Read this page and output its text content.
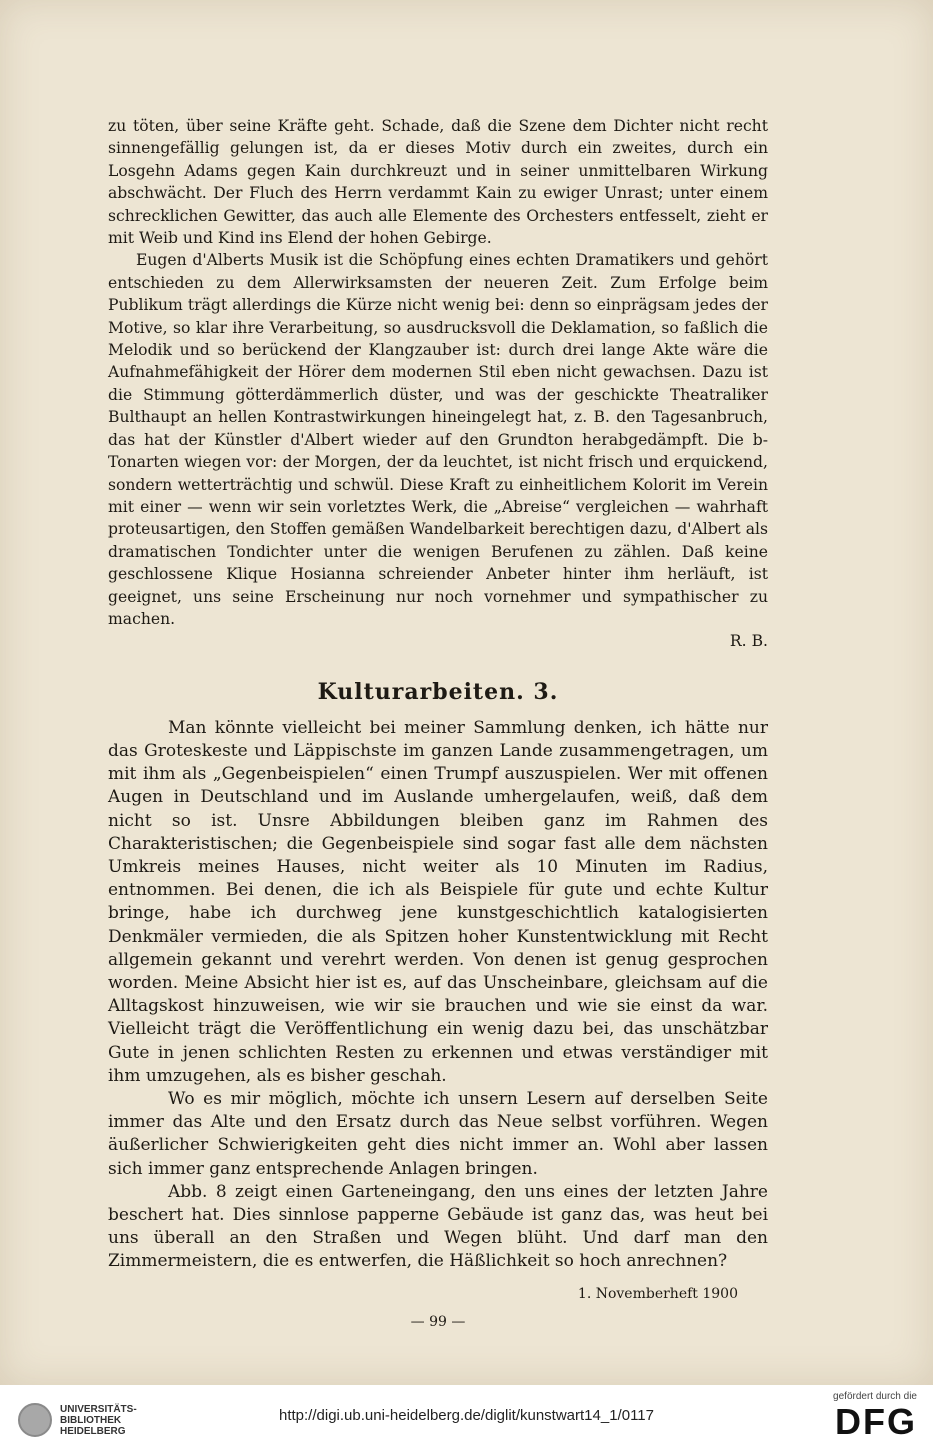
zu töten, über seine Kräfte geht. Schade, daß die Szene dem Dichter nicht recht sinnengefällig gelungen ist, da er dieses Motiv durch ein zweites, durch ein Losgehn Adams gegen Kain durchkreuzt und in seiner unmittelbaren Wirkung abschwächt. Der Fluch des Herrn verdammt Kain zu ewiger Unrast; unter einem schrecklichen Gewitter, das auch alle Elemente des Orchesters entfesselt, zieht er mit Weib und Kind ins Elend der hohen Gebirge.

Eugen d'Alberts Musik ist die Schöpfung eines echten Dramatikers und gehört entschieden zu dem Allerwirksamsten der neueren Zeit. Zum Erfolge beim Publikum trägt allerdings die Kürze nicht wenig bei: denn so einprägsam jedes der Motive, so klar ihre Verarbeitung, so ausdrucksvoll die Deklamation, so faßlich die Melodik und so berückend der Klangzauber ist: durch drei lange Akte wäre die Aufnahmefähigkeit der Hörer dem modernen Stil eben nicht gewachsen. Dazu ist die Stimmung götterdämmerlich düster, und was der geschickte Theatraliker Bulthaupt an hellen Kontrastwirkungen hineingelegt hat, z. B. den Tagesanbruch, das hat der Künstler d'Albert wieder auf den Grundton herabgedämpft. Die b-Tonarten wiegen vor: der Morgen, der da leuchtet, ist nicht frisch und erquickend, sondern wetterträchtig und schwül. Diese Kraft zu einheitlichem Kolorit im Verein mit einer — wenn wir sein vorletztes Werk, die „Abreise“ vergleichen — wahrhaft proteusartigen, den Stoffen gemäßen Wandelbarkeit berechtigen dazu, d'Albert als dramatischen Tondichter unter die wenigen Berufenen zu zählen. Daß keine geschlossene Klique Hosianna schreiender Anbeter hinter ihm herläuft, ist geeignet, uns seine Erscheinung nur noch vornehmer und sympathischer zu machen.

R. B.
Kulturarbeiten. 3.

Man könnte vielleicht bei meiner Sammlung denken, ich hätte nur das Groteskeste und Läppischste im ganzen Lande zusammengetragen, um mit ihm als „Gegenbeispielen“ einen Trumpf auszuspielen. Wer mit offenen Augen in Deutschland und im Auslande umhergelaufen, weiß, daß dem nicht so ist. Unsre Abbildungen bleiben ganz im Rahmen des Charakteristischen; die Gegenbeispiele sind sogar fast alle dem nächsten Umkreis meines Hauses, nicht weiter als 10 Minuten im Radius, entnommen. Bei denen, die ich als Beispiele für gute und echte Kultur bringe, habe ich durchweg jene kunstgeschichtlich katalogisierten Denkmäler vermieden, die als Spitzen hoher Kunstentwicklung mit Recht allgemein gekannt und verehrt werden. Von denen ist genug gesprochen worden. Meine Absicht hier ist es, auf das Unscheinbare, gleichsam auf die Alltagskost hinzuweisen, wie wir sie brauchen und wie sie einst da war. Vielleicht trägt die Veröffentlichung ein wenig dazu bei, das unschätzbar Gute in jenen schlichten Resten zu erkennen und etwas verständiger mit ihm umzugehen, als es bisher geschah.

Wo es mir möglich, möchte ich unsern Lesern auf derselben Seite immer das Alte und den Ersatz durch das Neue selbst vorführen. Wegen äußerlicher Schwierigkeiten geht dies nicht immer an. Wohl aber lassen sich immer ganz entsprechende Anlagen bringen.

Abb. 8 zeigt einen Garteneingang, den uns eines der letzten Jahre beschert hat. Dies sinnlose papperne Gebäude ist ganz das, was heut bei uns überall an den Straßen und Wegen blüht. Und darf man den Zimmermeistern, die es entwerfen, die Häßlichkeit so hoch anrechnen?

1. Novemberheft 1900
— 99 —
UNIVERSITÄTS-
BIBLIOTHEK
HEIDELBERG
http://digi.ub.uni-heidelberg.de/diglit/kunstwart14_1/0117
gefördert durch die
DFG
